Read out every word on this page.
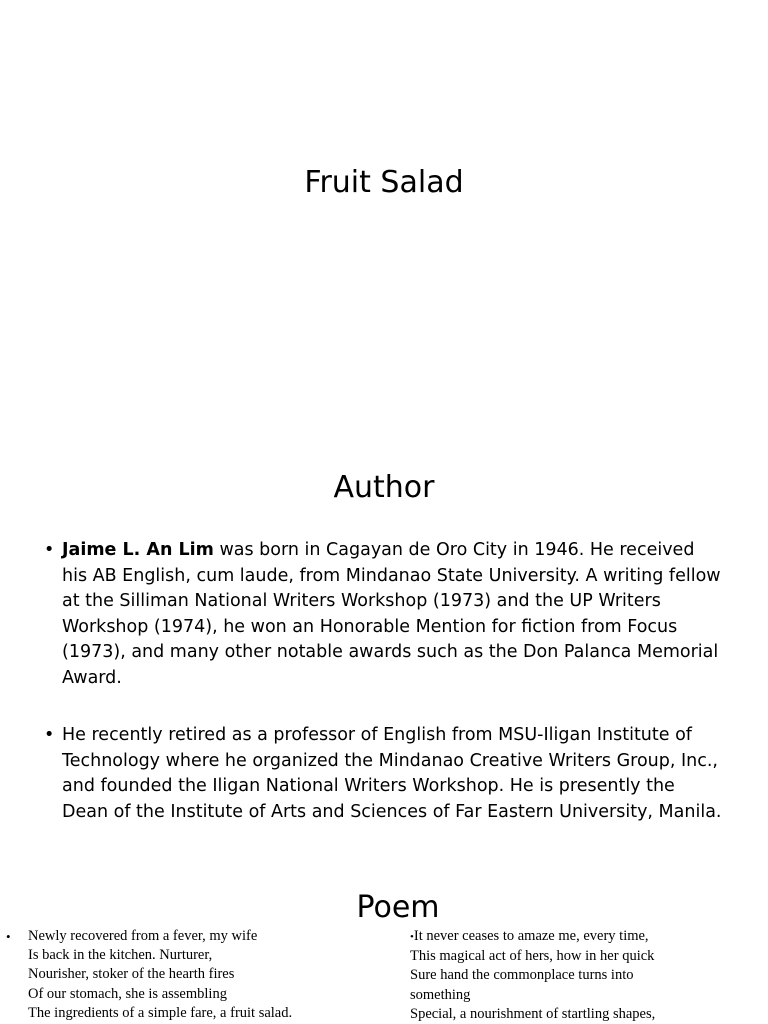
Fruit Salad
Author
• Jaime L. An Lim was born in Cagayan de Oro City in 1946. He received his AB English, cum laude, from Mindanao State University. A writing fellow at the Silliman National Writers Workshop (1973) and the UP Writers Workshop (1974), he won an Honorable Mention for fiction from Focus (1973), and many other notable awards such as the Don Palanca Memorial Award.
• He recently retired as a professor of English from MSU-Iligan Institute of Technology where he organized the Mindanao Creative Writers Group, Inc., and founded the Iligan National Writers Workshop. He is presently the Dean of the Institute of Arts and Sciences of Far Eastern University, Manila.
Poem
•	Newly recovered from a fever, my wife
Is back in the kitchen. Nurturer,
Nourisher, stoker of the hearth fires
Of our stomach, she is assembling
The ingredients of a simple fare, a fruit salad.
•It never ceases to amaze me, every time,
This magical act of hers, how in her quick
Sure hand the commonplace turns into
something
Special, a nourishment of startling shapes,
